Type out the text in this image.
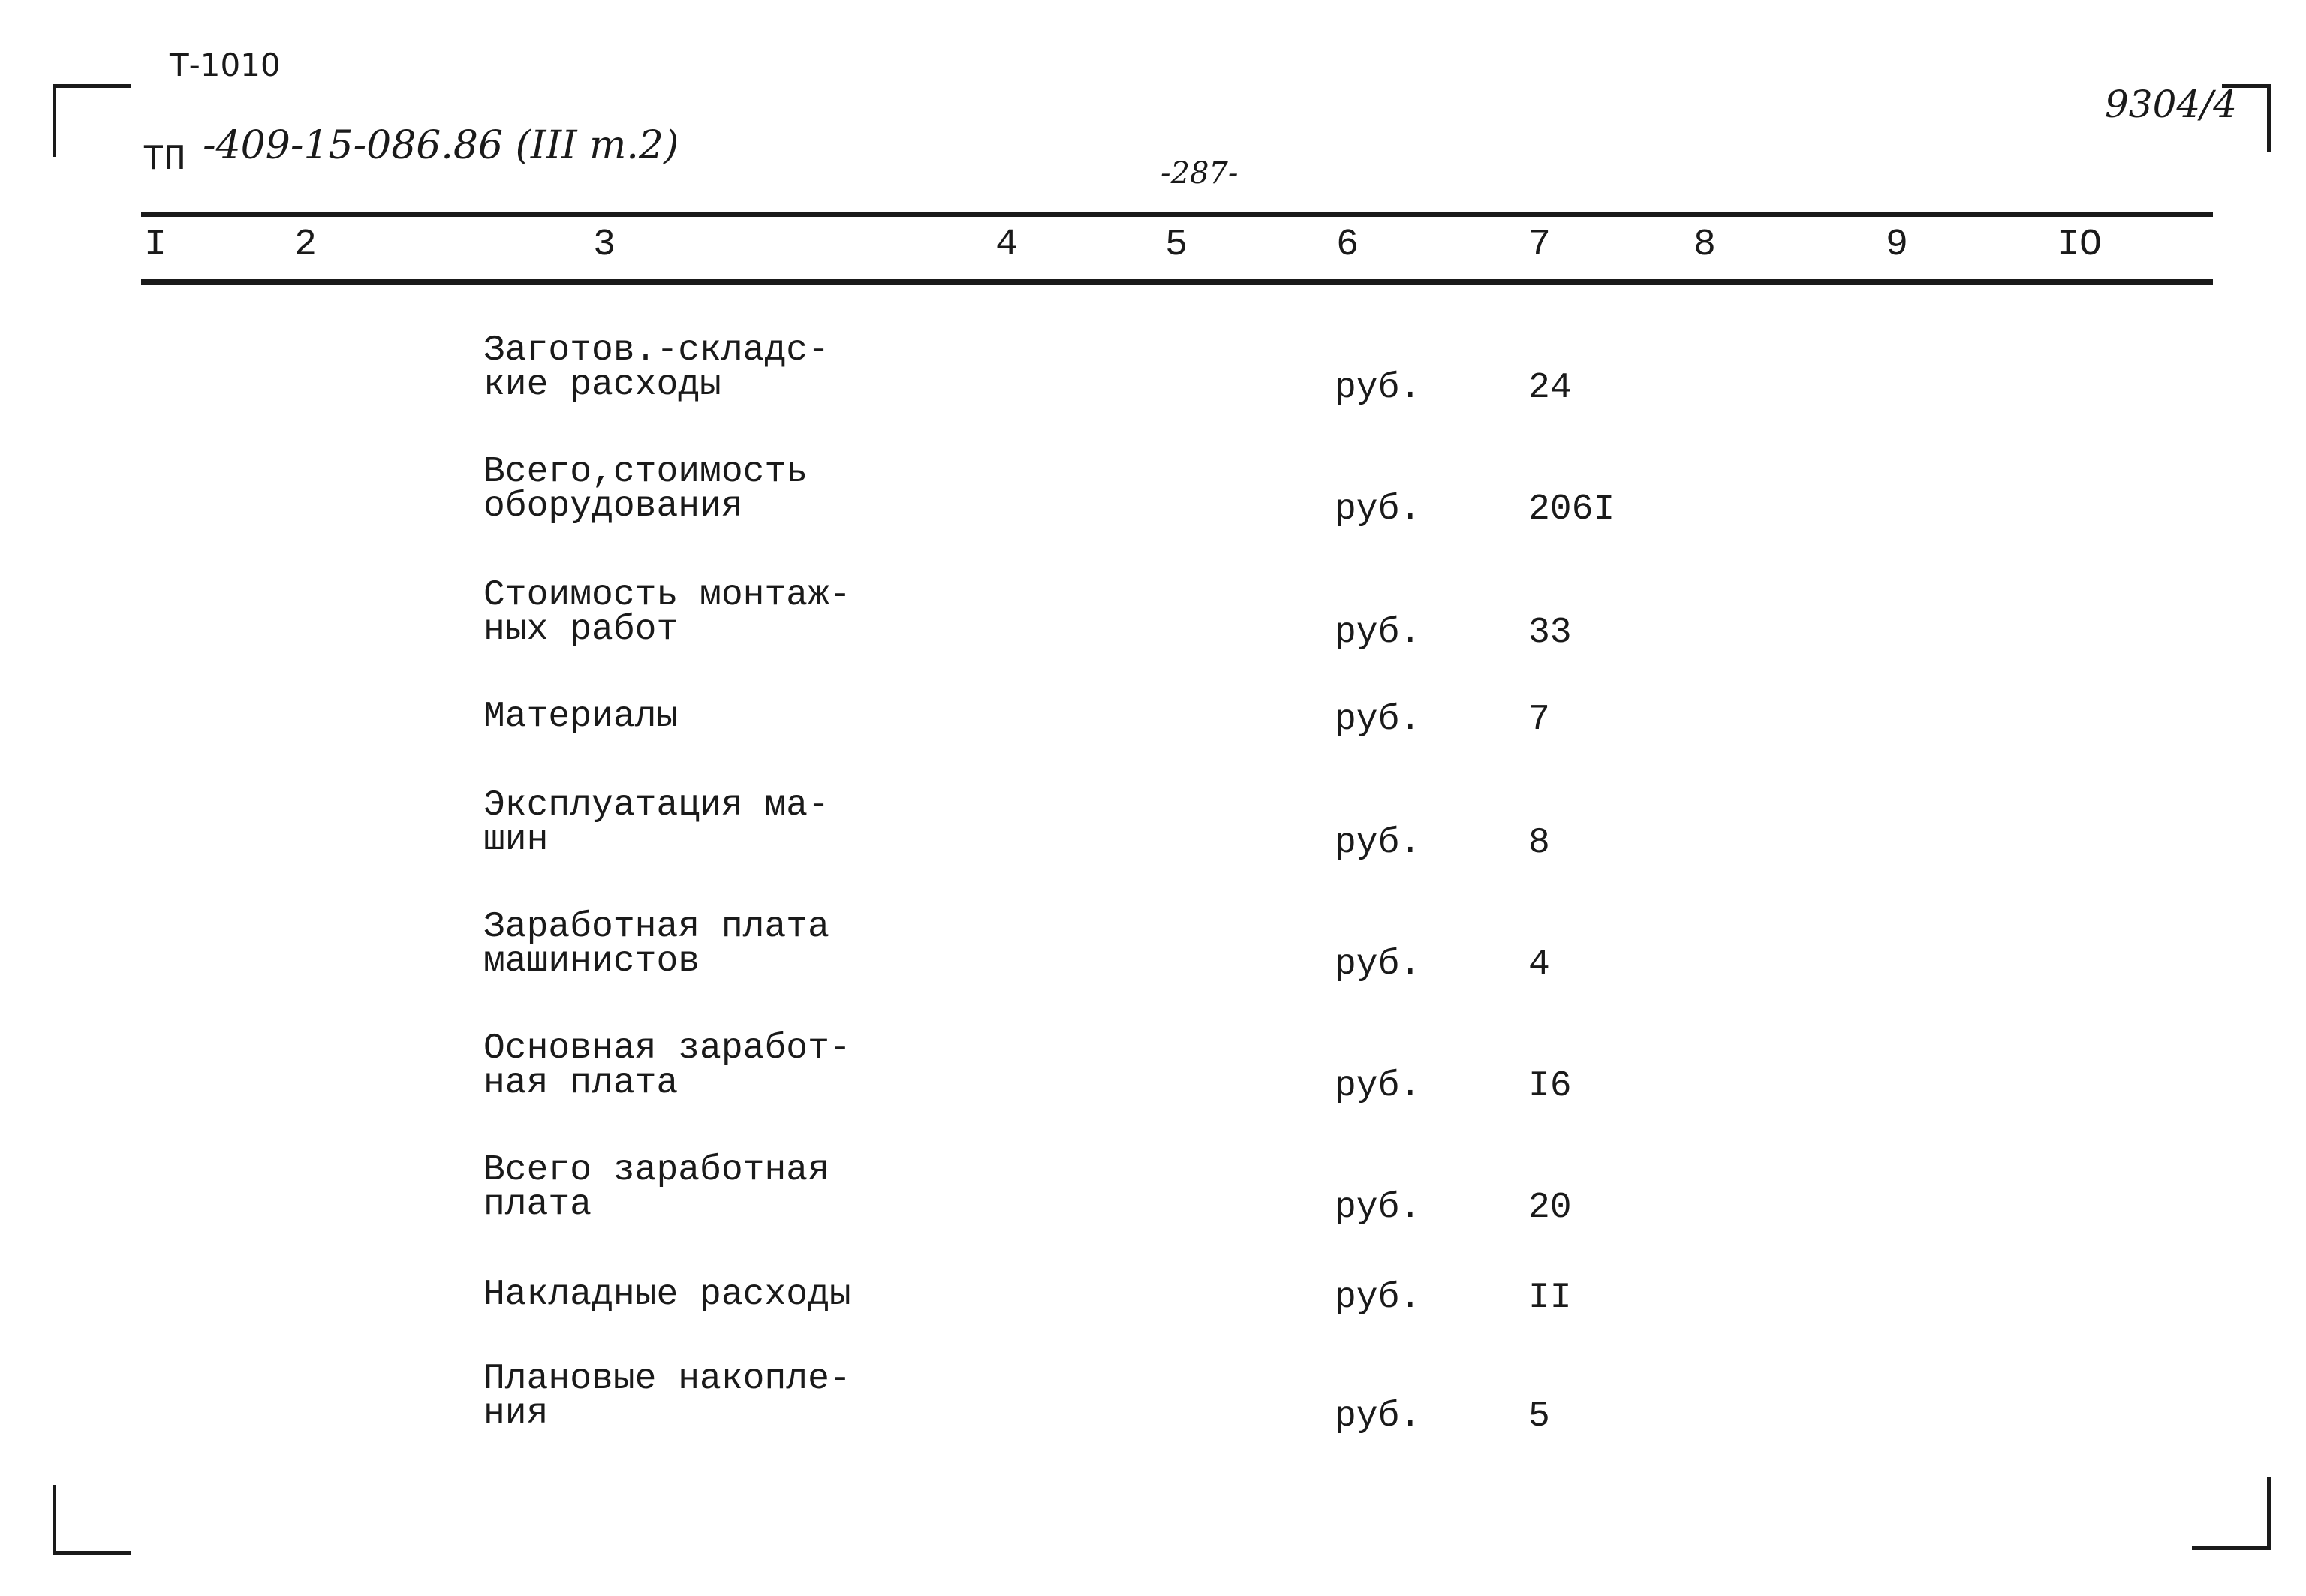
Т-1010
9304/4
ТП -409-15-086.86 (III т.2)
-287-
I	2	3	4	5	6	7	8	9	IO
Заготов.-складс-
кие расходы	руб.	24
Всего,стоимость
оборудования	руб.	206I
Стоимость монтаж-
ных работ	руб.	33
Материалы	руб.	7
Эксплуатация ма-
шин	руб.	8
Заработная плата
машинистов	руб.	4
Основная заработ-
ная плата	руб.	I6
Всего заработная
плата	руб.	20
Накладные расходы	руб.	II
Плановые накопле-
ния	руб.	5
